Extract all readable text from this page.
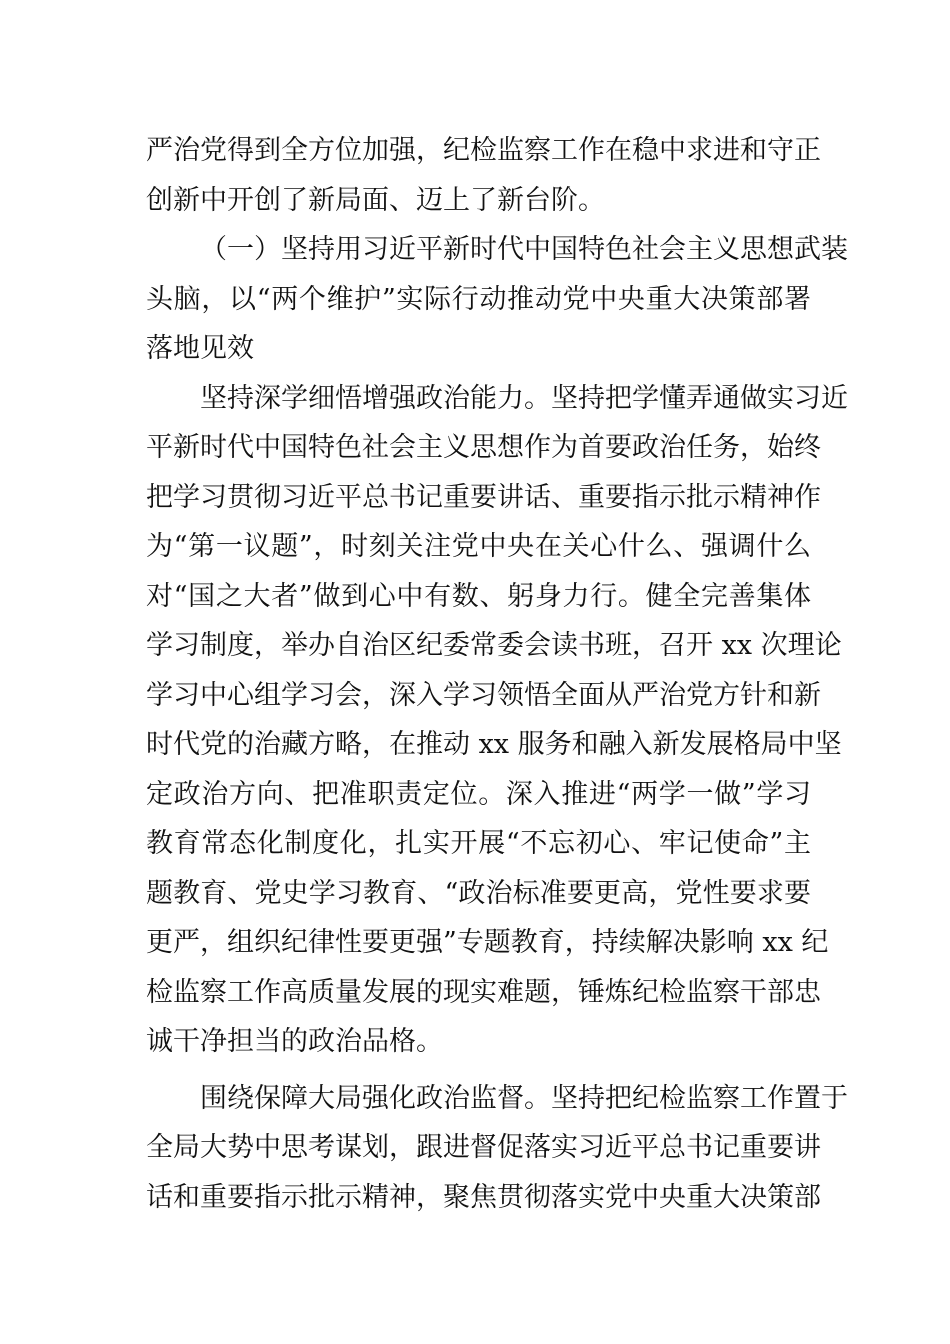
严治党得到全方位加强，纪检监察工作在稳中求进和守正
创新中开创了新局面、迈上了新台阶。

（一）坚持用习近平新时代中国特色社会主义思想武装
头脑，以“两个维护”实际行动推动党中央重大决策部署
落地见效

坚持深学细悟增强政治能力。坚持把学懂弄通做实习近
平新时代中国特色社会主义思想作为首要政治任务，始终
把学习贯彻习近平总书记重要讲话、重要指示批示精神作
为“第一议题”，时刻关注党中央在关心什么、强调什么
对“国之大者”做到心中有数、躬身力行。健全完善集体
学习制度，举办自治区纪委常委会读书班，召开 xx 次理论
学习中心组学习会，深入学习领悟全面从严治党方针和新
时代党的治藏方略，在推动 xx 服务和融入新发展格局中坚
定政治方向、把准职责定位。深入推进“两学一做”学习
教育常态化制度化，扎实开展“不忘初心、牢记使命”主
题教育、党史学习教育、“政治标准要更高，党性要求要
更严，组织纪律性要更强”专题教育，持续解决影响 xx 纪
检监察工作高质量发展的现实难题，锤炼纪检监察干部忠
诚干净担当的政治品格。

围绕保障大局强化政治监督。坚持把纪检监察工作置于
全局大势中思考谋划，跟进督促落实习近平总书记重要讲
话和重要指示批示精神，聚焦贯彻落实党中央重大决策部
